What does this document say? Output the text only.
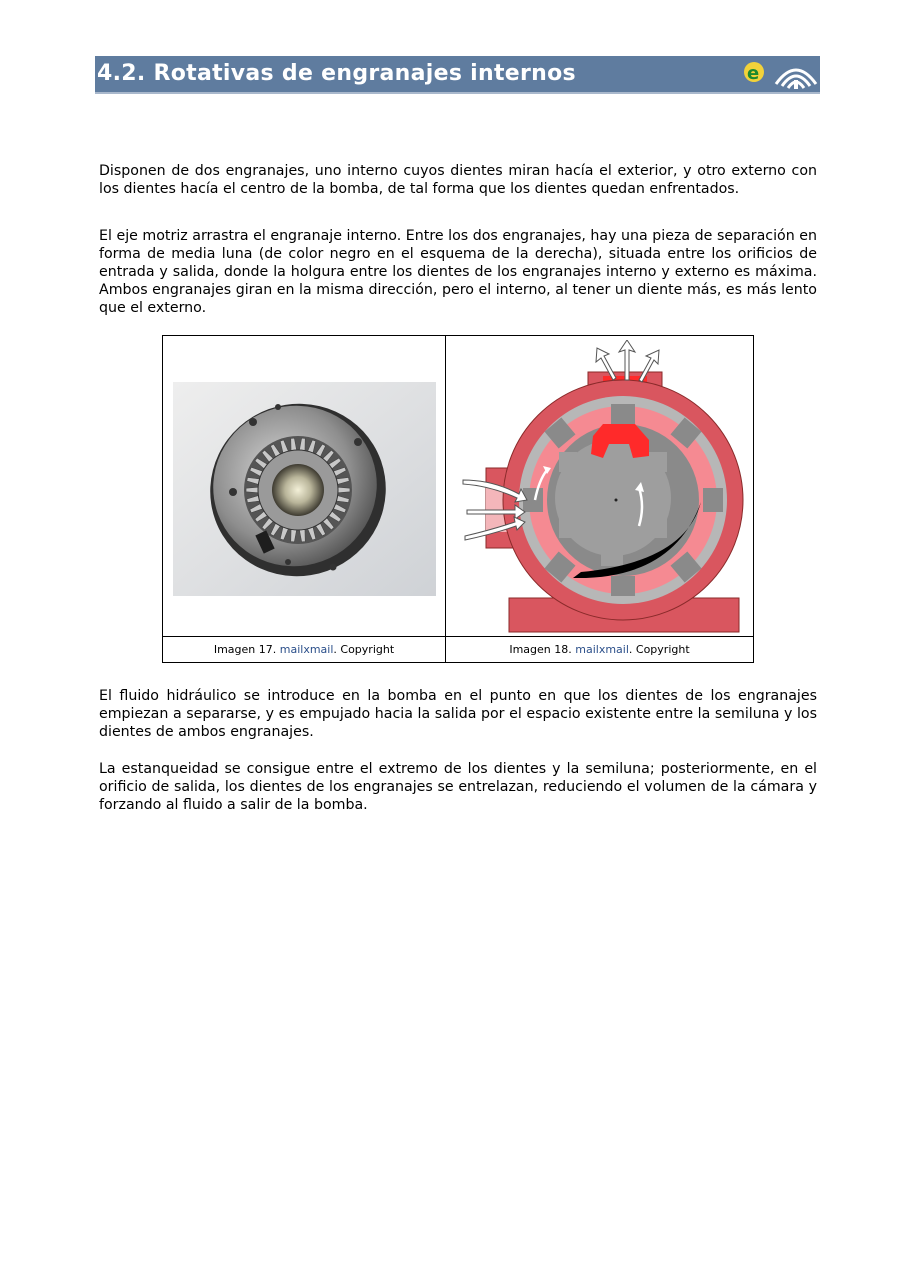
4.2. Rotativas de engranajes internos	e

Disponen de dos engranajes, uno interno cuyos dientes miran hacía el exterior, y otro externo con los dientes hacía el centro de la bomba, de tal forma que los dientes quedan enfrentados.

El eje motriz arrastra el engranaje interno. Entre los dos engranajes, hay una pieza de separación en forma de media luna (de color negro en el esquema de la derecha), situada entre los orificios de entrada y salida, donde la holgura entre los dientes de los engranajes interno y externo es máxima. Ambos engranajes giran en la misma dirección, pero el interno, al tener un diente más, es más lento que el externo.

Imagen 17. mailxmail. Copyright	Imagen 18. mailxmail. Copyright

El fluido hidráulico se introduce en la bomba en el punto en que los dientes de los engranajes empiezan a separarse, y es empujado hacia la salida por el espacio existente entre la semiluna y los dientes de ambos engranajes.

La estanqueidad se consigue entre el extremo de los dientes y la semiluna; posteriormente, en el orificio de salida, los dientes de los engranajes se entrelazan, reduciendo el volumen de la cámara y forzando al fluido a salir de la bomba.
